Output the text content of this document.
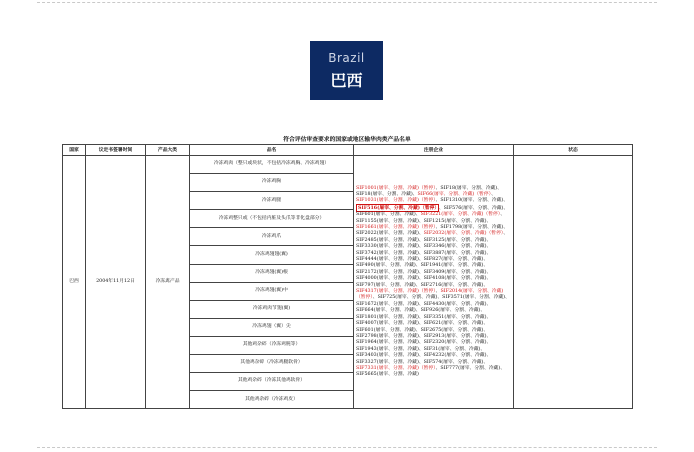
Brazil
巴西
符合评估审查要求的国家或地区输华肉类产品名单
国家	议定书签署时间	产品大类	品名	注册企业	状态
巴西	2004年11月12日	冷冻禽产品	冷冻鸡肉（整只或块状，不包括冷冻鸡胸、冷冻鸡翅）	SIF1001(屠宰、分割、冷藏)（暂停）、SIF18(屠宰、分割、冷藏)、SIF18(屠宰、分割、冷藏)、SIF66(屠宰、分割、冷藏)（暂停）、SIF1031(屠宰、分割、冷藏)（暂停）、SIF1310(屠宰、分割、冷藏)、SIF516(屠宰、分割、冷藏)（暂停） 、SIF576(屠宰、分割、冷藏)、SIF601(屠宰、分割、冷藏)、SIF3221(屠宰、分割、冷藏)（暂停）、SIF1155(屠宰、分割、冷藏)、SIF1215(屠宰、分割、冷藏)、SIF1661(屠宰、分割、冷藏)（暂停）、SIF1798(屠宰、分割、冷藏)、SIF2022(屠宰、分割、冷藏)、SIF2032(屠宰、分割、冷藏)（暂停）、SIF2485(屠宰、分割、冷藏)、SIF3125(屠宰、分割、冷藏)、SIF3330(屠宰、分割、冷藏)、SIF3346(屠宰、分割、冷藏)、SIF3742(屠宰、分割、冷藏)、SIF3887(屠宰、分割、冷藏)、SIF4444(屠宰、分割、冷藏)、SIF827(屠宰、分割、冷藏)、SIF490(屠宰、分割、冷藏)、SIF1941(屠宰、分割、冷藏)、SIF2172(屠宰、分割、冷藏)、SIF3409(屠宰、分割、冷藏)、SIF4000(屠宰、分割、冷藏)、SIF4108(屠宰、分割、冷藏)、SIF797(屠宰、分割、冷藏)、SIF2716(屠宰、分割、冷藏)、SIF4317(屠宰、分割、冷藏)（暂停）、SIF2014(屠宰、分割、冷藏)（暂停）、SIF725(屠宰、分割、冷藏)、SIF3571(屠宰、分割、冷藏)、SIF1672(屠宰、分割、冷藏)、SIF4430(屠宰、分割、冷藏)、SIF664(屠宰、分割、冷藏)、SIF926(屠宰、分割、冷藏)、SIF1801(屠宰、分割、冷藏)、SIF3351(屠宰、分割、冷藏)、SIF4007(屠宰、分割、冷藏)、SIF621(屠宰、分割、冷藏)、SIF601(屠宰、分割、冷藏)、SIF2675(屠宰、分割、冷藏)、SIF2798(屠宰、分割、冷藏)、SIF2913(屠宰、分割、冷藏)、SIF1964(屠宰、分割、冷藏)、SIF2320(屠宰、分割、冷藏)、SIF1943(屠宰、分割、冷藏)、SIF31(屠宰、分割、冷藏)、SIF3403(屠宰、分割、冷藏)、SIF4232(屠宰、分割、冷藏)、SIF3327(屠宰、分割、冷藏)、SIF574(屠宰、分割、冷藏)、SIF7331(屠宰、分割、冷藏)（暂停）、SIF777(屠宰、分割、冷藏)、SIF5665(屠宰、分割、冷藏)	
			冷冻鸡胸		
			冷冻鸡腿		
			冷冻鸡整只或（不包括内脏及头爪等非化盘部分）		
			冷冻鸡爪		
			冷冻鸡翅翅(翼)		
			冷冻鸡翅(翼)根		
			冷冻鸡翅(翼)中		
			冷冻鸡肉节翅(翼)		
			冷冻鸡翅（翼）尖		
			其他鸡杂碎（冷冻鸡肫等）		
			其他鸡杂碎（冷冻鸡腿软骨）		
			其他鸡杂碎（冷冻其他鸡软骨）		
			其他鸡杂碎（冷冻鸡皮）		
